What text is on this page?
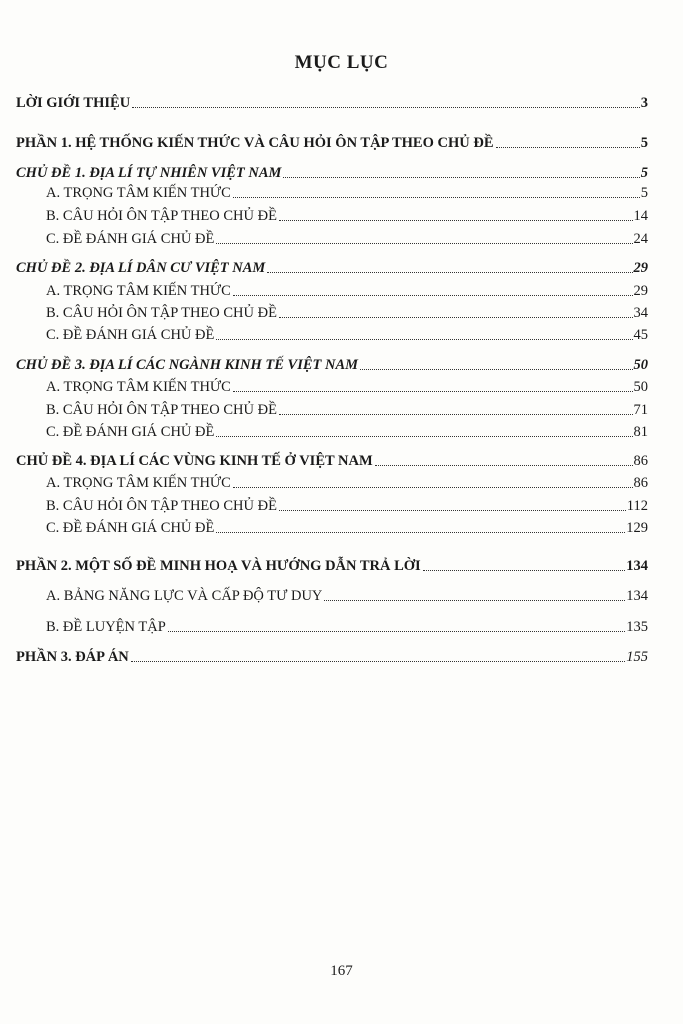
MỤC LỤC
LỜI GIỚI THIỆU	3
PHẦN 1. HỆ THỐNG KIẾN THỨC VÀ CÂU HỎI ÔN TẬP THEO CHỦ ĐỀ	5
CHỦ ĐỀ 1. ĐỊA LÍ TỰ NHIÊN VIỆT NAM	5
A. TRỌNG TÂM KIẾN THỨC	5
B. CÂU HỎI ÔN TẬP THEO CHỦ ĐỀ	14
C. ĐỀ ĐÁNH GIÁ CHỦ ĐỀ	24
CHỦ ĐỀ 2. ĐỊA LÍ DÂN CƯ VIỆT NAM	29
A. TRỌNG TÂM KIẾN THỨC	29
B. CÂU HỎI ÔN TẬP THEO CHỦ ĐỀ	34
C. ĐỀ ĐÁNH GIÁ CHỦ ĐỀ	45
CHỦ ĐỀ 3. ĐỊA LÍ CÁC NGÀNH KINH TẾ VIỆT NAM	50
A. TRỌNG TÂM KIẾN THỨC	50
B. CÂU HỎI ÔN TẬP THEO CHỦ ĐỀ	71
C. ĐỀ ĐÁNH GIÁ CHỦ ĐỀ	81
CHỦ ĐỀ 4. ĐỊA LÍ CÁC VÙNG KINH TẾ Ở VIỆT NAM	86
A. TRỌNG TÂM KIẾN THỨC	86
B. CÂU HỎI ÔN TẬP THEO CHỦ ĐỀ	112
C. ĐỀ ĐÁNH GIÁ CHỦ ĐỀ	129
PHẦN 2. MỘT SỐ ĐỀ MINH HOẠ VÀ HƯỚNG DẪN TRẢ LỜI	134
A. BẢNG NĂNG LỰC VÀ CẤP ĐỘ TƯ DUY	134
B. ĐỀ LUYỆN TẬP	135
PHẦN 3. ĐÁP ÁN	155
167
